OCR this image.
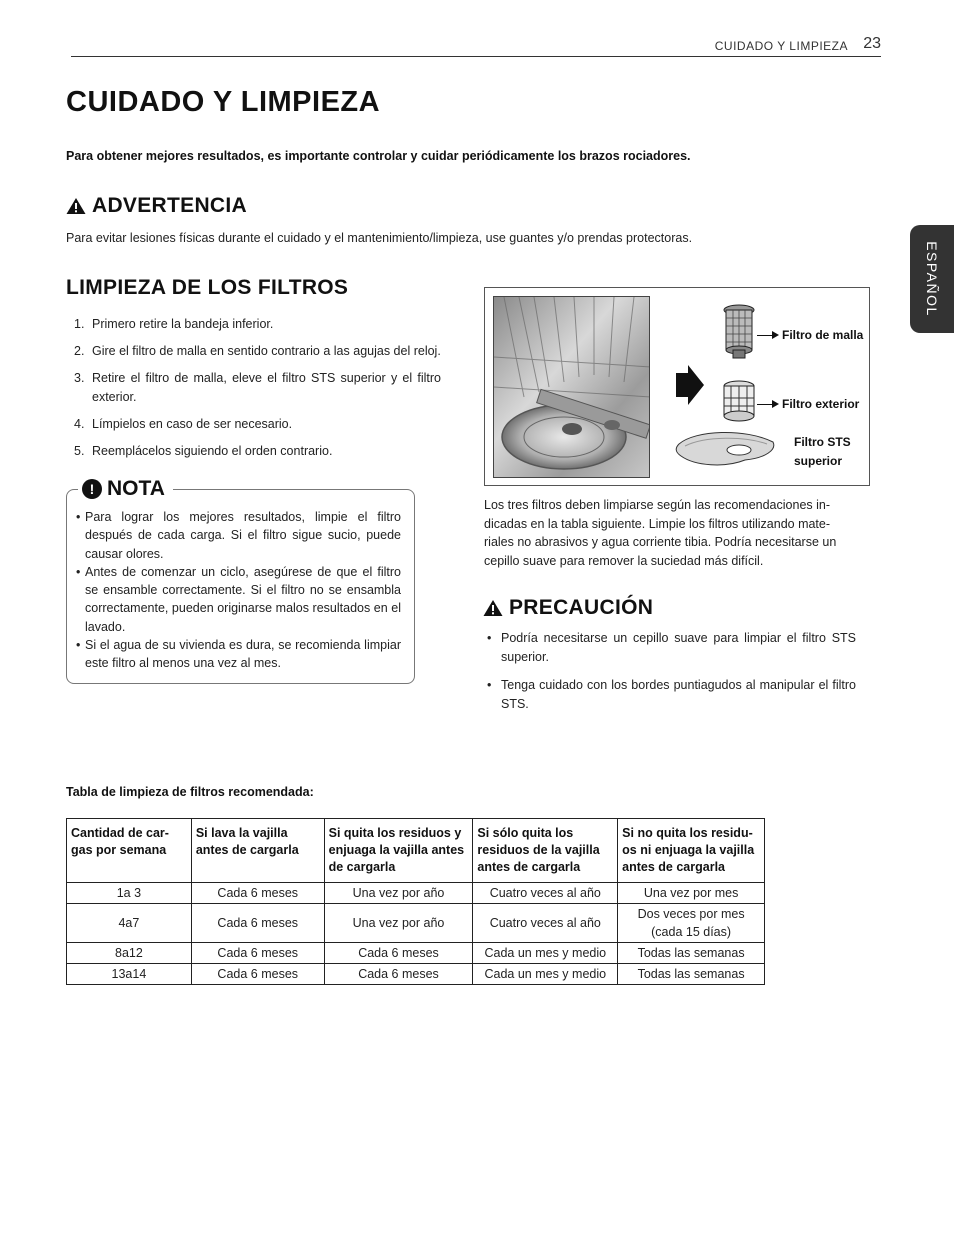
CUIDADO Y LIMPIEZA 23
ESPAÑOL
CUIDADO Y LIMPIEZA

Para obtener mejores resultados, es importante controlar y cuidar periódicamente los brazos rociadores.

ADVERTENCIA

Para evitar lesiones físicas durante el cuidado y el mantenimiento/limpieza, use guantes y/o prendas protectoras.

LIMPIEZA DE LOS FILTROS
1. Primero retire la bandeja inferior.
2. Gire el filtro de malla en sentido contrario a las agujas del reloj.
3. Retire el filtro de malla, eleve el filtro STS superior y el filtro exterior.
4. Límpielos en caso de ser necesario.
5. Reemplácelos siguiendo el orden contrario.
! NOTA
• Para lograr los mejores resultados, limpie el filtro después de cada carga. Si el filtro sigue sucio, puede causar olores.
• Antes de comenzar un ciclo, asegúrese de que el filtro se ensamble correctamente. Si el filtro no se ensambla correctamente, pueden originarse malos resultados en el lavado.
• Si el agua de su vivienda es dura, se recomienda limpiar este filtro al menos una vez al mes.
Filtro de malla
Filtro exterior
Filtro STS
superior

Los tres filtros deben limpiarse según las recomendaciones in-dicadas en la tabla siguiente. Limpie los filtros utilizando mate-riales no abrasivos y agua corriente tibia. Podría necesitarse un cepillo suave para remover la suciedad más difícil.

PRECAUCIÓN
• Podría necesitarse un cepillo suave para limpiar el filtro STS superior.
• Tenga cuidado con los bordes puntiagudos al manipular el filtro STS.
Tabla de limpieza de filtros recomendada:
Cantidad de car-gas por semana	Si lava la vajilla antes de cargarla	Si quita los residuos y enjuaga la vajilla antes de cargarla	Si sólo quita los residuos de la vajilla antes de cargarla	Si no quita los residu-os ni enjuaga la vajilla antes de cargarla
1a 3	Cada 6 meses	Una vez por año	Cuatro veces al año	Una vez por mes
4a7	Cada 6 meses	Una vez por año	Cuatro veces al año	Dos veces por mes (cada 15 días)
8a12	Cada 6 meses	Cada 6 meses	Cada un mes y medio	Todas las semanas
13a14	Cada 6 meses	Cada 6 meses	Cada un mes y medio	Todas las semanas
